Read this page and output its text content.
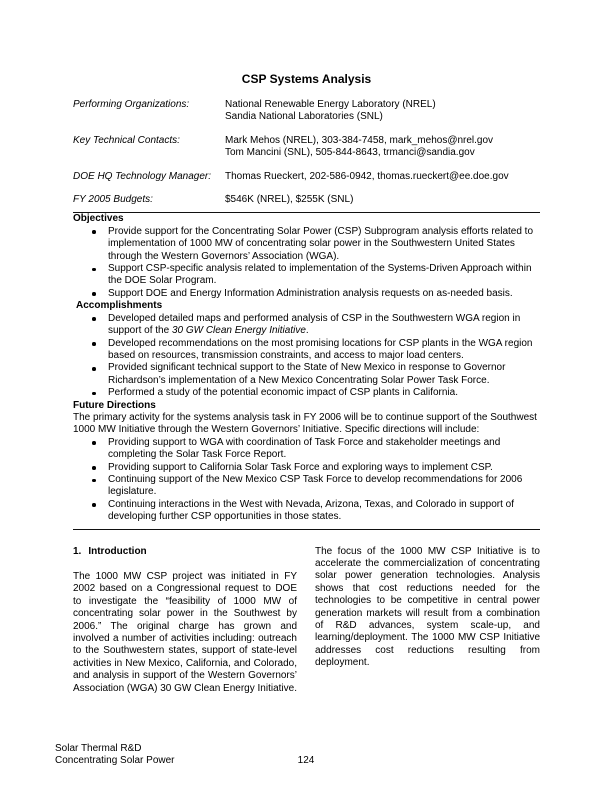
CSP Systems Analysis
Performing Organizations:	National Renewable Energy Laboratory (NREL)
Sandia National Laboratories (SNL)
Key Technical Contacts:	Mark Mehos (NREL), 303-384-7458, mark_mehos@nrel.gov
Tom Mancini (SNL), 505-844-8643, trmanci@sandia.gov
DOE HQ Technology Manager:	Thomas Rueckert, 202-586-0942, thomas.rueckert@ee.doe.gov
FY 2005 Budgets:	$546K (NREL), $255K (SNL)
Objectives
Provide support for the Concentrating Solar Power (CSP) Subprogram analysis efforts related to implementation of 1000 MW of concentrating solar power in the Southwestern United States through the Western Governors’ Association (WGA).
Support CSP-specific analysis related to implementation of the Systems-Driven Approach within the DOE Solar Program.
Support DOE and Energy Information Administration analysis requests on as-needed basis.
Accomplishments
Developed detailed maps and performed analysis of CSP in the Southwestern WGA region in support of the 30 GW Clean Energy Initiative.
Developed recommendations on the most promising locations for CSP plants in the WGA region based on resources, transmission constraints, and access to major load centers.
Provided significant technical support to the State of New Mexico in response to Governor Richardson’s implementation of a New Mexico Concentrating Solar Power Task Force.
Performed a study of the potential economic impact of CSP plants in California.
Future Directions

The primary activity for the systems analysis task in FY 2006 will be to continue support of the Southwest 1000 MW Initiative through the Western Governors’ Initiative. Specific directions will include:

Providing support to WGA with coordination of Task Force and stakeholder meetings and completing the Solar Task Force Report.
Providing support to California Solar Task Force and exploring ways to implement CSP.
Continuing support of the New Mexico CSP Task Force to develop recommendations for 2006 legislature.
Continuing interactions in the West with Nevada, Arizona, Texas, and Colorado in support of developing further CSP opportunities in those states.
1. Introduction

The 1000 MW CSP project was initiated in FY 2002 based on a Congressional request to DOE to investigate the “feasibility of 1000 MW of concentrating solar power in the Southwest by 2006.” The original charge has grown and involved a number of activities including: outreach to the Southwestern states, support of state-level activities in New Mexico, California, and Colorado, and analysis in support of the Western Governors’ Association (WGA) 30 GW Clean Energy Initiative.

The focus of the 1000 MW CSP Initiative is to accelerate the commercialization of concentrating solar power generation technologies. Analysis shows that cost reductions needed for the technologies to be competitive in central power generation markets will result from a combination of R&D advances, system scale-up, and learning/deployment. The 1000 MW CSP Initiative addresses cost reductions resulting from deployment.

Solar Thermal R&D
Concentrating Solar Power	124
